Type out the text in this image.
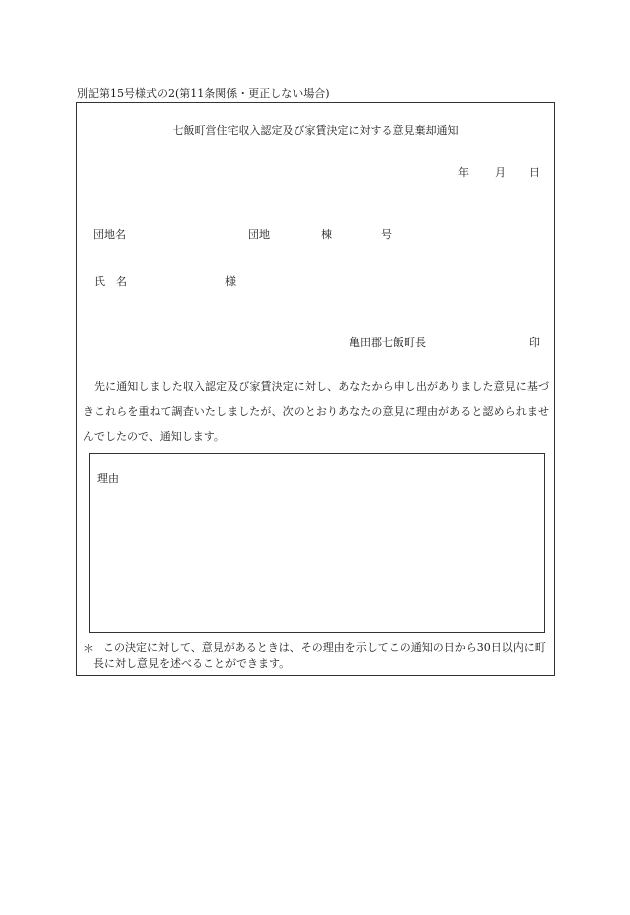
別記第15号様式の2(第11条関係・更正しない場合)
七飯町営住宅収入認定及び家賃決定に対する意見棄却通知
年 月 日
団地名	団地	棟	号
氏　名	様
亀田郡七飯町長	印
先に通知しました収入認定及び家賃決定に対し、あなたから申し出がありました意見に基づきこれらを重ねて調査いたしましたが、次のとおりあなたの意見に理由があると認められませんでしたので、通知します。
理由
＊ この決定に対して、意見があるときは、その理由を示してこの通知の日から30日以内に町長に対し意見を述べることができます。
